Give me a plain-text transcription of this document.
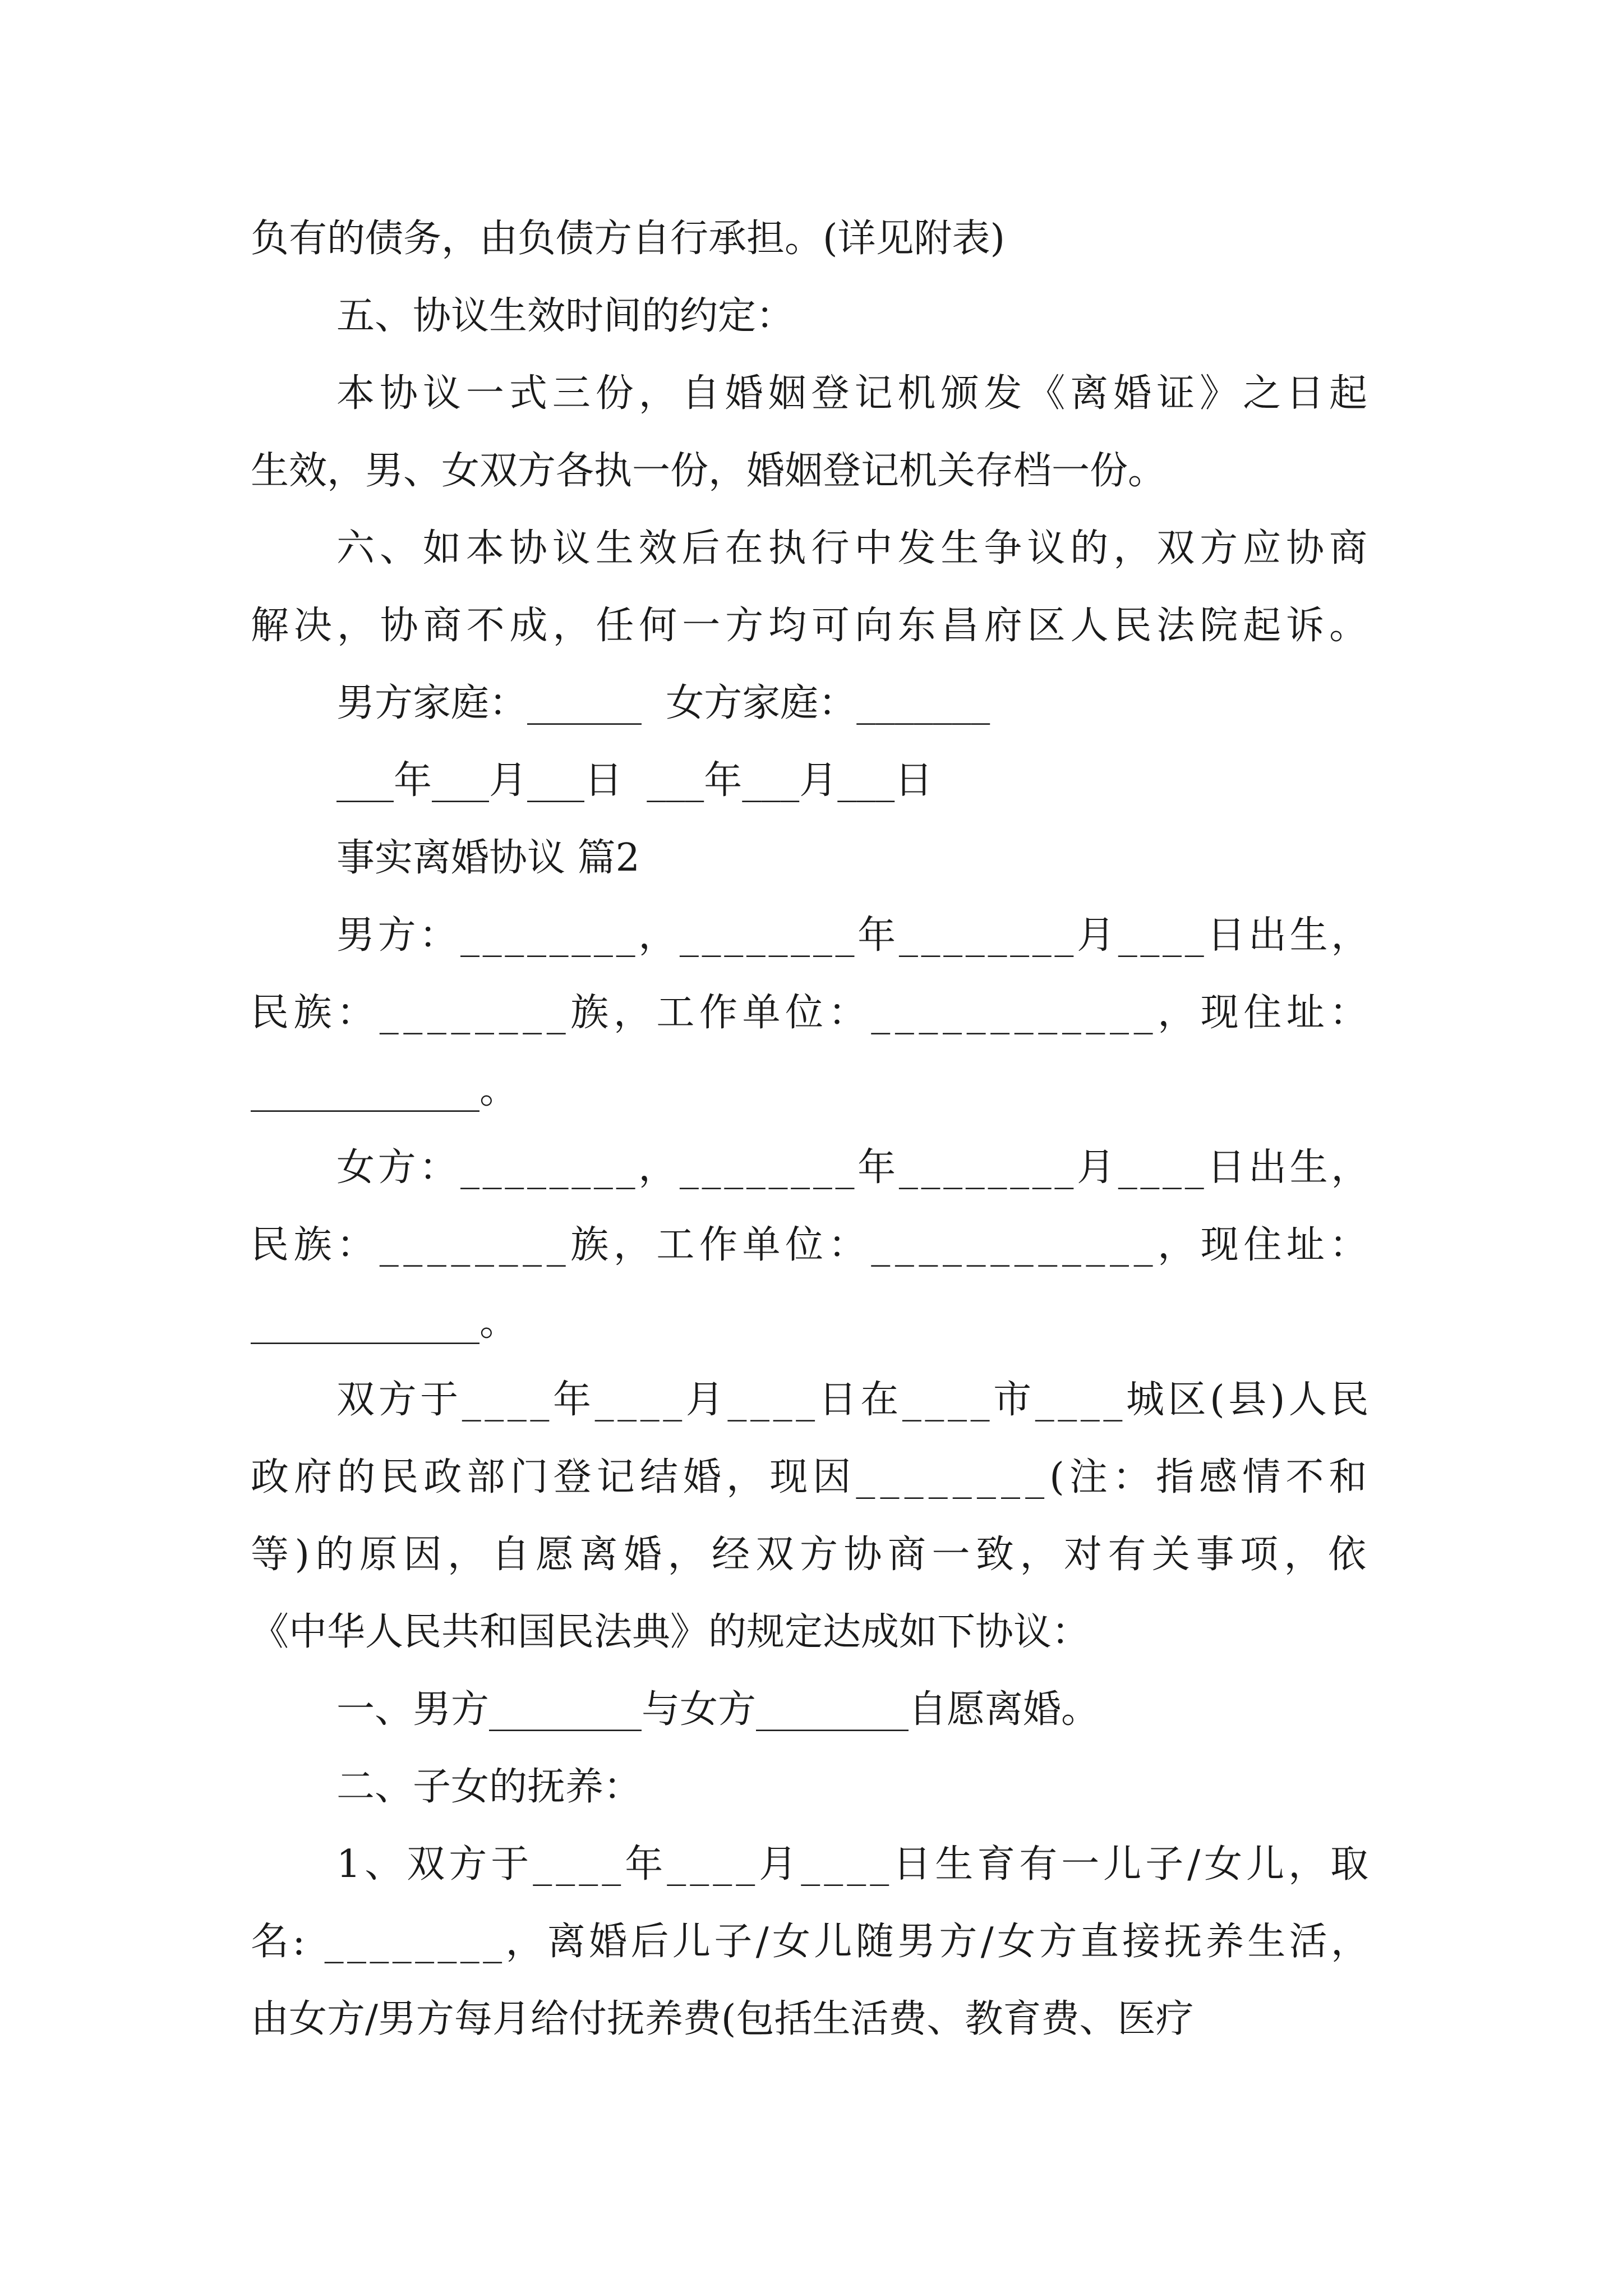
负有的债务，由负债方自行承担。(详见附表)
五、协议生效时间的约定：
本协议一式三份，自婚姻登记机颁发《离婚证》之日起
生效，男、女双方各执一份，婚姻登记机关存档一份。
六、如本协议生效后在执行中发生争议的，双方应协商
解决，协商不成，任何一方均可向东昌府区人民法院起诉。
男方家庭：______  女方家庭：_______
___年___月___日  ___年___月___日
事实离婚协议 篇2
男方：________，________年________月____日出生，
民族：________族，工作单位：____________，现住址：
____________。
女方：________，________年________月____日出生，
民族：________族，工作单位：____________，现住址：
____________。
双方于____年____月____日在____市____城区(县)人民
政府的民政部门登记结婚，现因________(注：指感情不和
等)的原因，自愿离婚，经双方协商一致，对有关事项，依
《中华人民共和国民法典》的规定达成如下协议：
一、男方________与女方________自愿离婚。
二、子女的抚养：
1、双方于____年____月____日生育有一儿子/女儿，取
名: ________，离婚后儿子/女儿随男方/女方直接抚养生活，
由女方/男方每月给付抚养费(包括生活费、教育费、医疗
